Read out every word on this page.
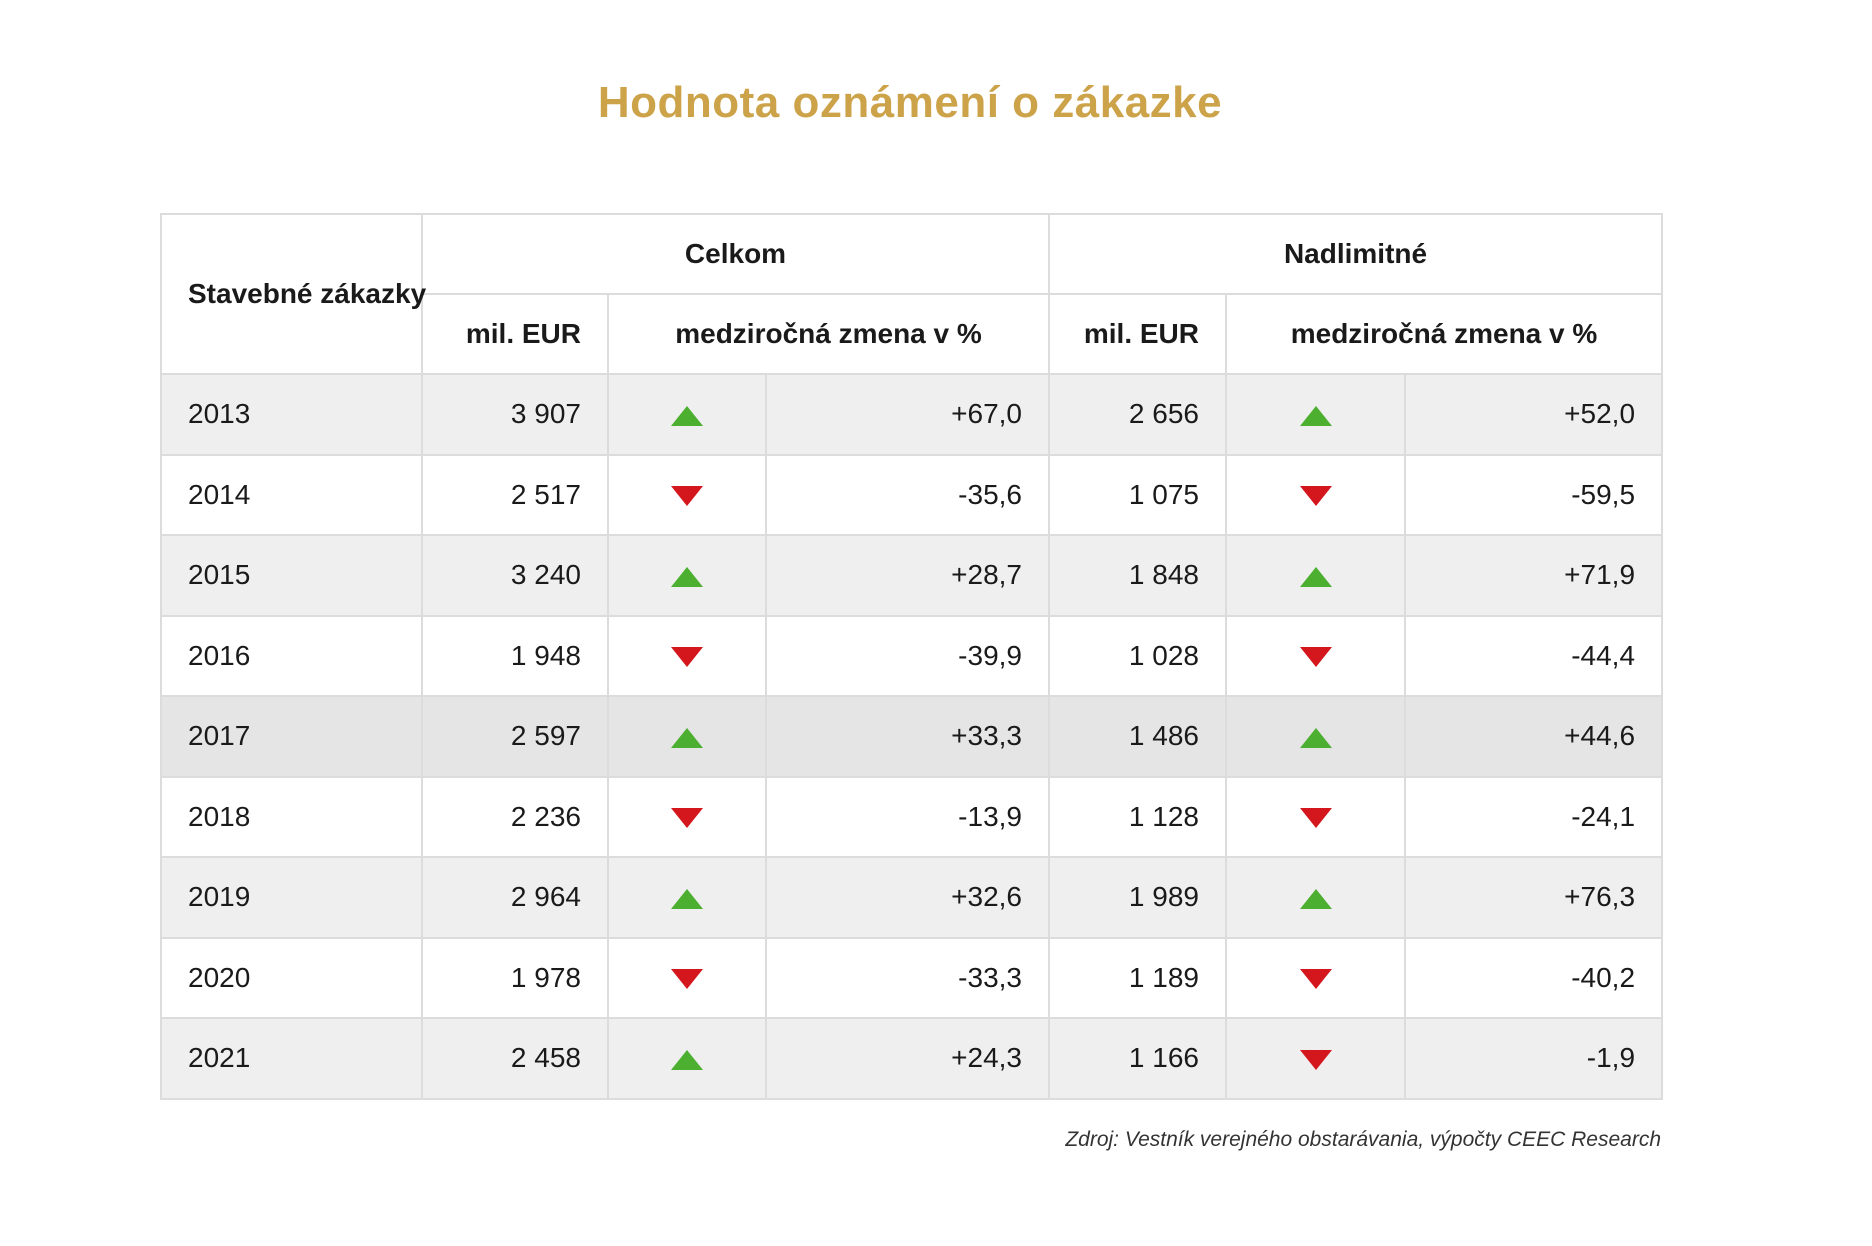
Hodnota oznámení o zákazke
Stavebné zákazky	Celkom			Nadlimitné		
	mil. EUR	medziročná zmena v %		mil. EUR	medziročná zmena v %	
2013	3 907		+67,0	2 656		+52,0
2014	2 517		-35,6	1 075		-59,5
2015	3 240		+28,7	1 848		+71,9
2016	1 948		-39,9	1 028		-44,4
2017	2 597		+33,3	1 486		+44,6
2018	2 236		-13,9	1 128		-24,1
2019	2 964		+32,6	1 989		+76,3
2020	1 978		-33,3	1 189		-40,2
2021	2 458		+24,3	1 166		-1,9
Zdroj: Vestník verejného obstarávania, výpočty CEEC Research
